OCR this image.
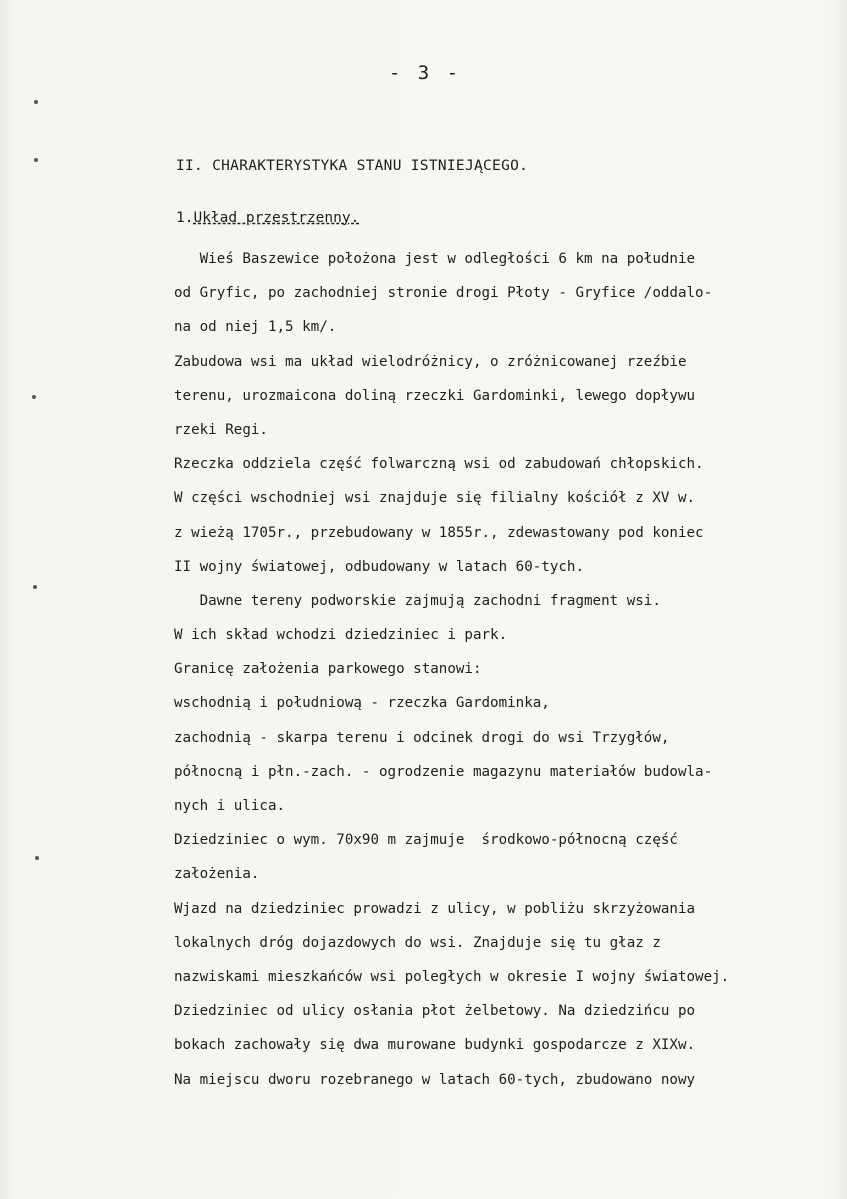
- 3 -
II. CHARAKTERYSTYKA STANU ISTNIEJĄCEGO.
1.Układ przestrzenny.
Wieś Baszewice położona jest w odległości 6 km na południe
od Gryfic, po zachodniej stronie drogi Płoty - Gryfice /oddalo-
na od niej 1,5 km/.
Zabudowa wsi ma układ wielodróżnicy, o zróżnicowanej rzeźbie
terenu, urozmaicona doliną rzeczki Gardominki, lewego dopływu
rzeki Regi.
Rzeczka oddziela część folwarczną wsi od zabudowań chłopskich.
W części wschodniej wsi znajduje się filialny kościół z XV w.
z wieżą 1705r., przebudowany w 1855r., zdewastowany pod koniec
II wojny światowej, odbudowany w latach 60-tych.
Dawne tereny podworskie zajmują zachodni fragment wsi.
W ich skład wchodzi dziedziniec i park.
Granicę założenia parkowego stanowi:
wschodnią i południową - rzeczka Gardominka,
zachodnią - skarpa terenu i odcinek drogi do wsi Trzygłów,
północną i płn.-zach. - ogrodzenie magazynu materiałów budowla-
nych i ulica.
Dziedziniec o wym. 70x90 m zajmuje  środkowo-północną część
założenia.
Wjazd na dziedziniec prowadzi z ulicy, w pobliżu skrzyżowania
lokalnych dróg dojazdowych do wsi. Znajduje się tu głaz z
nazwiskami mieszkańców wsi poległych w okresie I wojny światowej.
Dziedziniec od ulicy osłania płot żelbetowy. Na dziedzińcu po
bokach zachowały się dwa murowane budynki gospodarcze z XIXw.
Na miejscu dworu rozebranego w latach 60-tych, zbudowano nowy
